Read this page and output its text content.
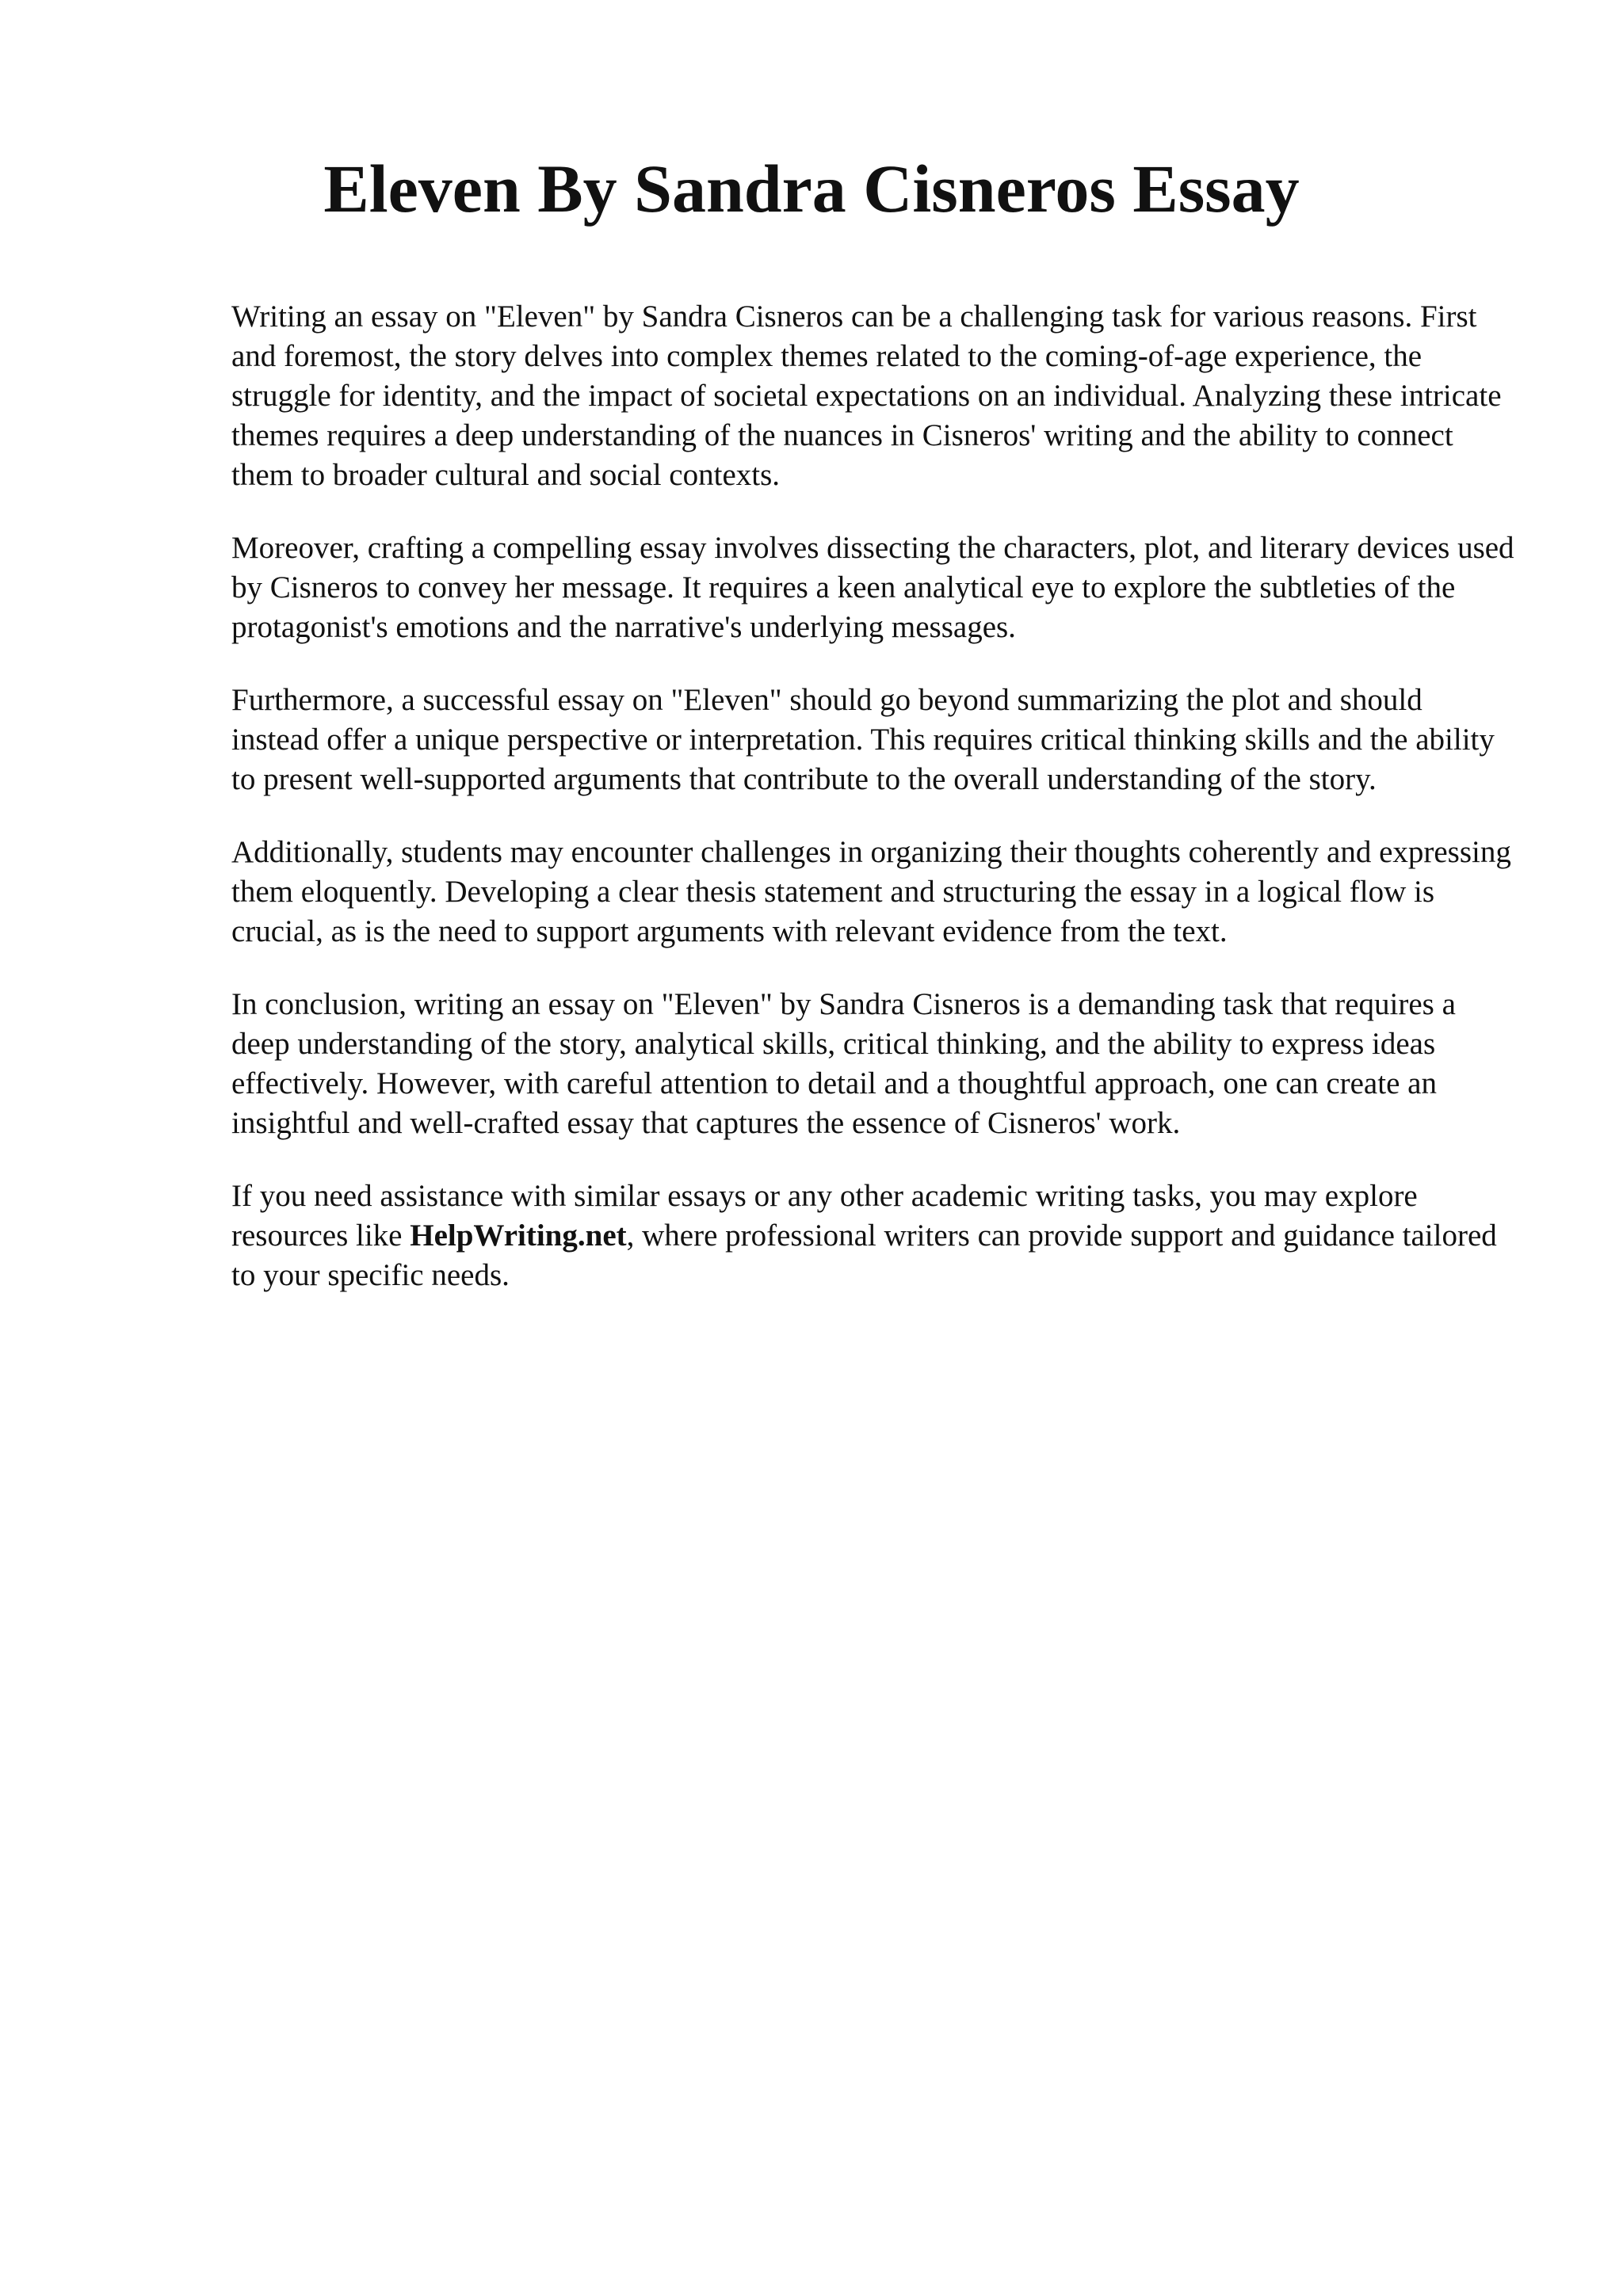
Eleven By Sandra Cisneros Essay

Writing an essay on "Eleven" by Sandra Cisneros can be a challenging task for various reasons. First and foremost, the story delves into complex themes related to the coming-of-age experience, the struggle for identity, and the impact of societal expectations on an individual. Analyzing these intricate themes requires a deep understanding of the nuances in Cisneros' writing and the ability to connect them to broader cultural and social contexts.

Moreover, crafting a compelling essay involves dissecting the characters, plot, and literary devices used by Cisneros to convey her message. It requires a keen analytical eye to explore the subtleties of the protagonist's emotions and the narrative's underlying messages.

Furthermore, a successful essay on "Eleven" should go beyond summarizing the plot and should instead offer a unique perspective or interpretation. This requires critical thinking skills and the ability to present well-supported arguments that contribute to the overall understanding of the story.

Additionally, students may encounter challenges in organizing their thoughts coherently and expressing them eloquently. Developing a clear thesis statement and structuring the essay in a logical flow is crucial, as is the need to support arguments with relevant evidence from the text.

In conclusion, writing an essay on "Eleven" by Sandra Cisneros is a demanding task that requires a deep understanding of the story, analytical skills, critical thinking, and the ability to express ideas effectively. However, with careful attention to detail and a thoughtful approach, one can create an insightful and well-crafted essay that captures the essence of Cisneros' work.

If you need assistance with similar essays or any other academic writing tasks, you may explore resources like HelpWriting.net, where professional writers can provide support and guidance tailored to your specific needs.
